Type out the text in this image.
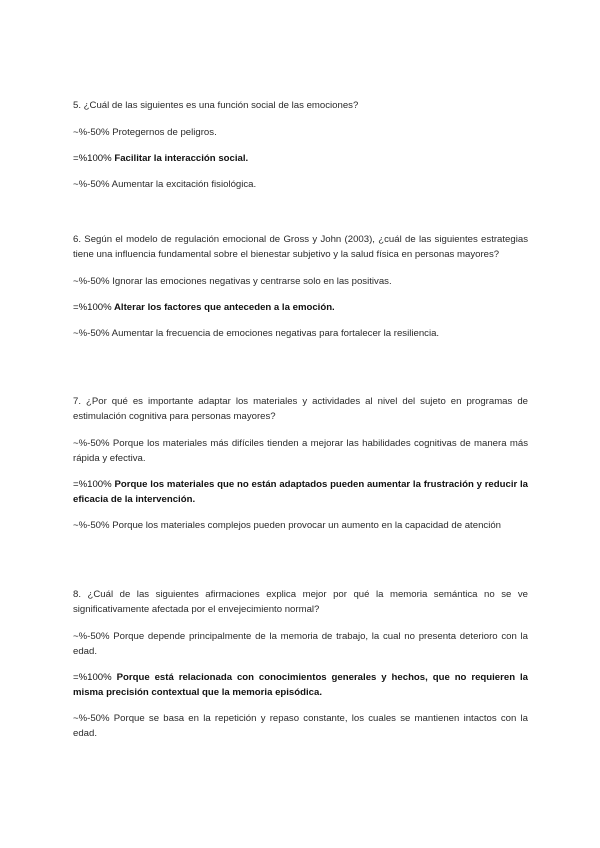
5. ¿Cuál de las siguientes es una función social de las emociones?

~%-50% Protegernos de peligros.

=%100% Facilitar la interacción social.

~%-50% Aumentar la excitación fisiológica.

6. Según el modelo de regulación emocional de Gross y John (2003), ¿cuál de las siguientes estrategias tiene una influencia fundamental sobre el bienestar subjetivo y la salud física en personas mayores?

~%-50% Ignorar las emociones negativas y centrarse solo en las positivas.

=%100% Alterar los factores que anteceden a la emoción.

~%-50% Aumentar la frecuencia de emociones negativas para fortalecer la resiliencia.

7. ¿Por qué es importante adaptar los materiales y actividades al nivel del sujeto en programas de estimulación cognitiva para personas mayores?

~%-50% Porque los materiales más difíciles tienden a mejorar las habilidades cognitivas de manera más rápida y efectiva.

=%100% Porque los materiales que no están adaptados pueden aumentar la frustración y reducir la eficacia de la intervención.

~%-50% Porque los materiales complejos pueden provocar un aumento en la capacidad de atención

8. ¿Cuál de las siguientes afirmaciones explica mejor por qué la memoria semántica no se ve significativamente afectada por el envejecimiento normal?

~%-50% Porque depende principalmente de la memoria de trabajo, la cual no presenta deterioro con la edad.

=%100% Porque está relacionada con conocimientos generales y hechos, que no requieren la misma precisión contextual que la memoria episódica.

~%-50% Porque se basa en la repetición y repaso constante, los cuales se mantienen intactos con la edad.
